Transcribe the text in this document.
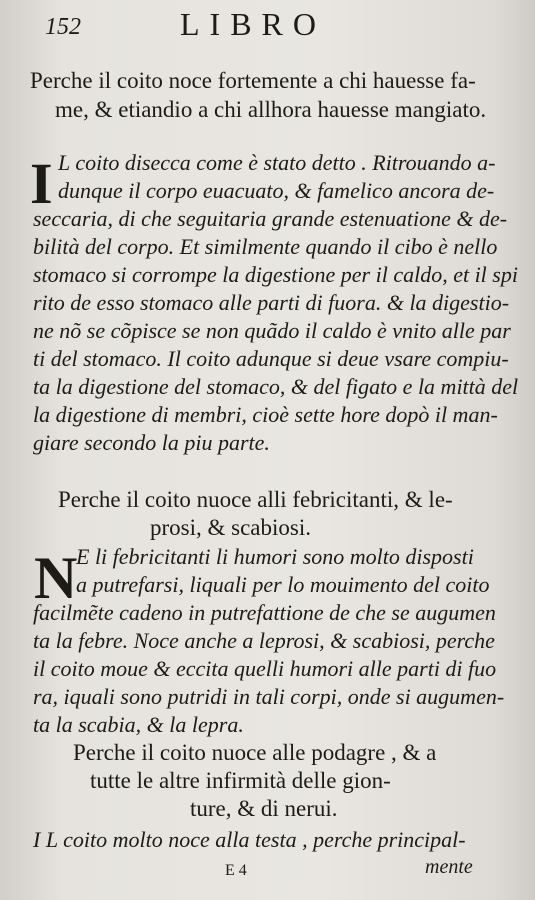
152	LIBRO
Perche il coito noce fortemente a chi hauesse fa-
me, & etiandio a chi allhora hauesse mangiato.
I L coito disecca come è stato detto . Ritrouando a-
dunque il corpo euacuato, & famelico ancora de-
seccaria, di che seguitaria grande estenuatione & de-
bilità del corpo. Et similmente quando il cibo è nello
stomaco si corrompe la digestione per il caldo, et il spi
rito de esso stomaco alle parti di fuora. & la digestio-
ne nõ se cõpisce se non quãdo il caldo è vnito alle par
ti del stomaco. Il coito adunque si deue vsare compiu-
ta la digestione del stomaco, & del figato e la mittà del
la digestione di membri, cioè sette hore dopò il man-
giare secondo la piu parte.
Perche il coito nuoce alli febricitanti, & le-
prosi, & scabiosi.
N
E li febricitanti li humori sono molto disposti
a putrefarsi, liquali per lo mouimento del coito
facilmẽte cadeno in putrefattione de che se augumen
ta la febre. Noce anche a leprosi, & scabiosi, perche
il coito moue & eccita quelli humori alle parti di fuo
ra, iquali sono putridi in tali corpi, onde si augumen-
ta la scabia, & la lepra.
Perche il coito nuoce alle podagre , & a
tutte le altre infirmità delle gion-
ture, & di nerui.
I L coito molto noce alla testa , perche principal-
E 4	mente
